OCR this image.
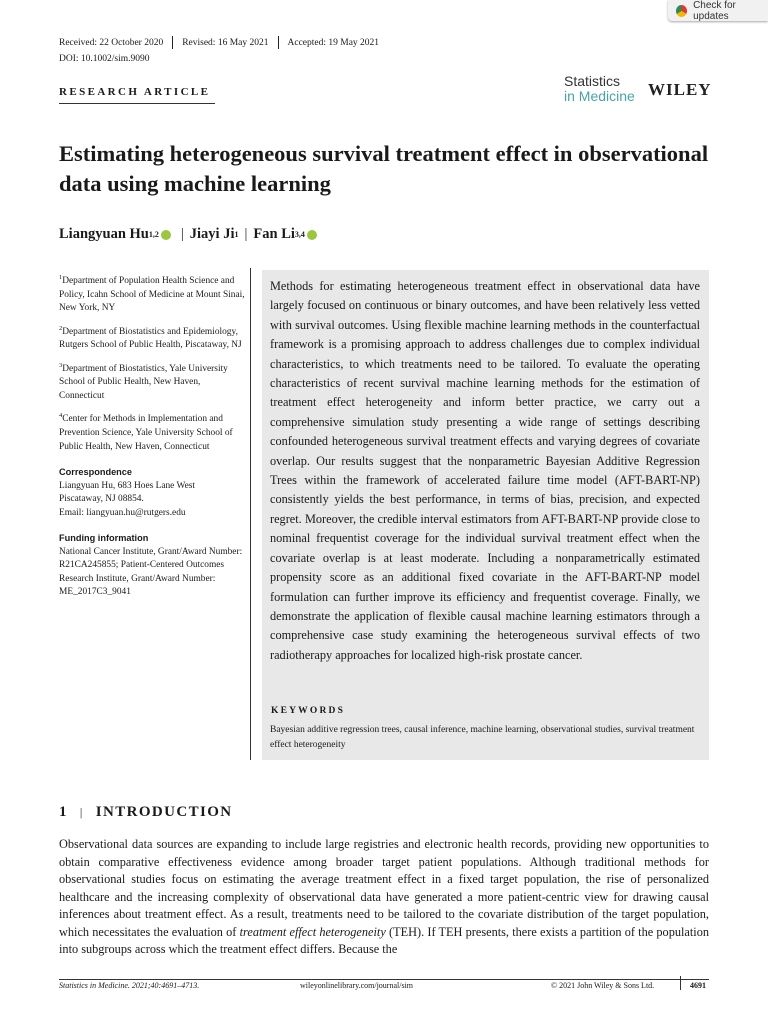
Check for updates
Received: 22 October 2020 Revised: 16 May 2021 Accepted: 19 May 2021
DOI: 10.1002/sim.9090
RESEARCH ARTICLE
Statistics
in Medicine WILEY
Estimating heterogeneous survival treatment effect in observational data using machine learning
Liangyuan Hu 1,2 | Jiayi Ji 1 | Fan Li 3,4
$^1$Department of Population Health Science and Policy, Icahn School of Medicine at Mount Sinai, New York, NY
$^2$Department of Biostatistics and Epidemiology, Rutgers School of Public Health, Piscataway, NJ
$^3$Department of Biostatistics, Yale University School of Public Health, New Haven, Connecticut
$^4$Center for Methods in Implementation and Prevention Science, Yale University School of Public Health, New Haven, Connecticut
Correspondence
Liangyuan Hu, 683 Hoes Lane West
Piscataway, NJ 08854.
Email: liangyuan.hu@rutgers.edu
Funding information
National Cancer Institute, Grant/Award Number: R21CA245855; Patient-Centered Outcomes Research Institute, Grant/Award Number: ME_2017C3_9041
Methods for estimating heterogeneous treatment effect in observational data have largely focused on continuous or binary outcomes, and have been relatively less vetted with survival outcomes. Using flexible machine learning methods in the counterfactual framework is a promising approach to address challenges due to complex individual characteristics, to which treatments need to be tailored. To evaluate the operating characteristics of recent survival machine learning methods for the estimation of treatment effect heterogeneity and inform better practice, we carry out a comprehensive simulation study presenting a wide range of settings describing confounded heterogeneous survival treatment effects and varying degrees of covariate overlap. Our results suggest that the nonparametric Bayesian Additive Regression Trees within the framework of accelerated failure time model (AFT-BART-NP) consistently yields the best performance, in terms of bias, precision, and expected regret. Moreover, the credible interval estimators from AFT-BART-NP provide close to nominal frequentist coverage for the individual survival treatment effect when the covariate overlap is at least moderate. Including a nonparametrically estimated propensity score as an additional fixed covariate in the AFT-BART-NP model formulation can further improve its efficiency and frequentist coverage. Finally, we demonstrate the application of flexible causal machine learning estimators through a comprehensive case study examining the heterogeneous survival effects of two radiotherapy approaches for localized high-risk prostate cancer.
KEYWORDS
Bayesian additive regression trees, causal inference, machine learning, observational studies, survival treatment effect heterogeneity
1 | INTRODUCTION
Observational data sources are expanding to include large registries and electronic health records, providing new opportunities to obtain comparative effectiveness evidence among broader target patient populations. Although traditional methods for observational studies focus on estimating the average treatment effect in a fixed target population, the rise of personalized healthcare and the increasing complexity of observational data have generated a more patient-centric view for drawing causal inferences about treatment effect. As a result, treatments need to be tailored to the covariate distribution of the target population, which necessitates the evaluation of treatment effect heterogeneity (TEH). If TEH presents, there exists a partition of the population into subgroups across which the treatment effect differs. Because the
Statistics in Medicine. 2021;40:4691–4713.	wileyonlinelibrary.com/journal/sim	© 2021 John Wiley & Sons Ltd.	4691
